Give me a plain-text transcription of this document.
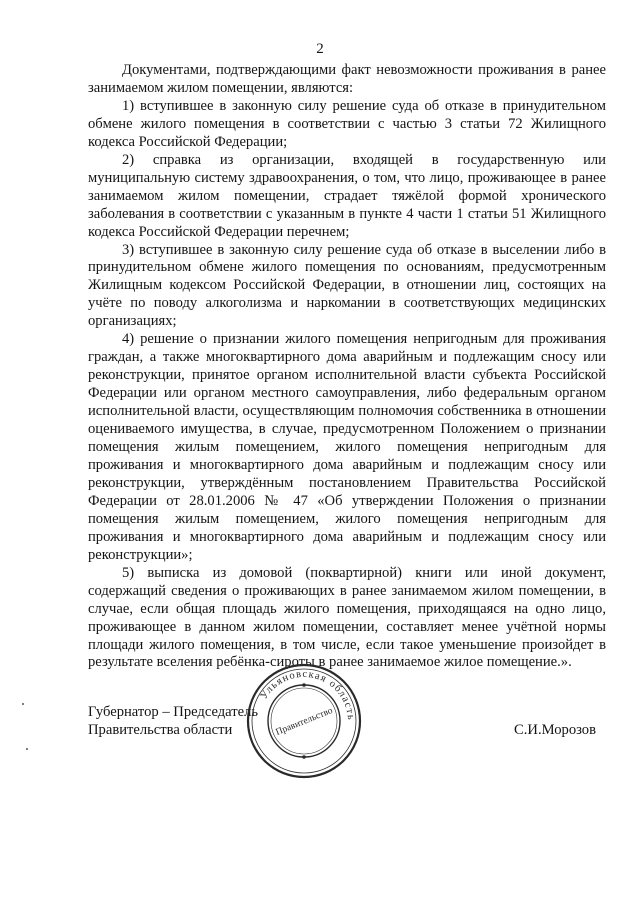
2

Документами, подтверждающими факт невозможности проживания в ранее занимаемом жилом помещении, являются:

1) вступившее в законную силу решение суда об отказе в принудительном обмене жилого помещения в соответствии с частью 3 статьи 72 Жилищного кодекса Российской Федерации;

2) справка из организации, входящей в государственную или муниципальную систему здравоохранения, о том, что лицо, проживающее в ранее занимаемом жилом помещении, страдает тяжёлой формой хронического заболевания в соответствии с указанным в пункте 4 части 1 статьи 51 Жилищного кодекса Российской Федерации перечнем;

3) вступившее в законную силу решение суда об отказе в выселении либо в принудительном обмене жилого помещения по основаниям, предусмотренным Жилищным кодексом Российской Федерации, в отношении лиц, состоящих на учёте по поводу алкоголизма и наркомании в соответствующих медицинских организациях;

4) решение о признании жилого помещения непригодным для проживания граждан, а также многоквартирного дома аварийным и подлежащим сносу или реконструкции, принятое органом исполнительной власти субъекта Российской Федерации или органом местного самоуправления, либо федеральным органом исполнительной власти, осуществляющим полномочия собственника в отношении оцениваемого имущества, в случае, предусмотренном Положением о признании помещения жилым помещением, жилого помещения непригодным для проживания и многоквартирного дома аварийным и подлежащим сносу или реконструкции, утверждённым постановлением Правительства Российской Федерации от 28.01.2006 № 47 «Об утверждении Положения о признании помещения жилым помещением, жилого помещения непригодным для проживания и многоквартирного дома аварийным и подлежащим сносу или реконструкции»;

5) выписка из домовой (поквартирной) книги или иной документ, содержащий сведения о проживающих в ранее занимаемом жилом помещении, в случае, если общая площадь жилого помещения, приходящаяся на одно лицо, проживающее в данном жилом помещении, составляет менее учётной нормы площади жилого помещения, в том числе, если такое уменьшение произойдет в результате вселения ребёнка-сироты в ранее занимаемое жилое помещение.».

Губернатор – Председатель
Правительства области	С.И.Морозов
Ульяновская область
Правительство
